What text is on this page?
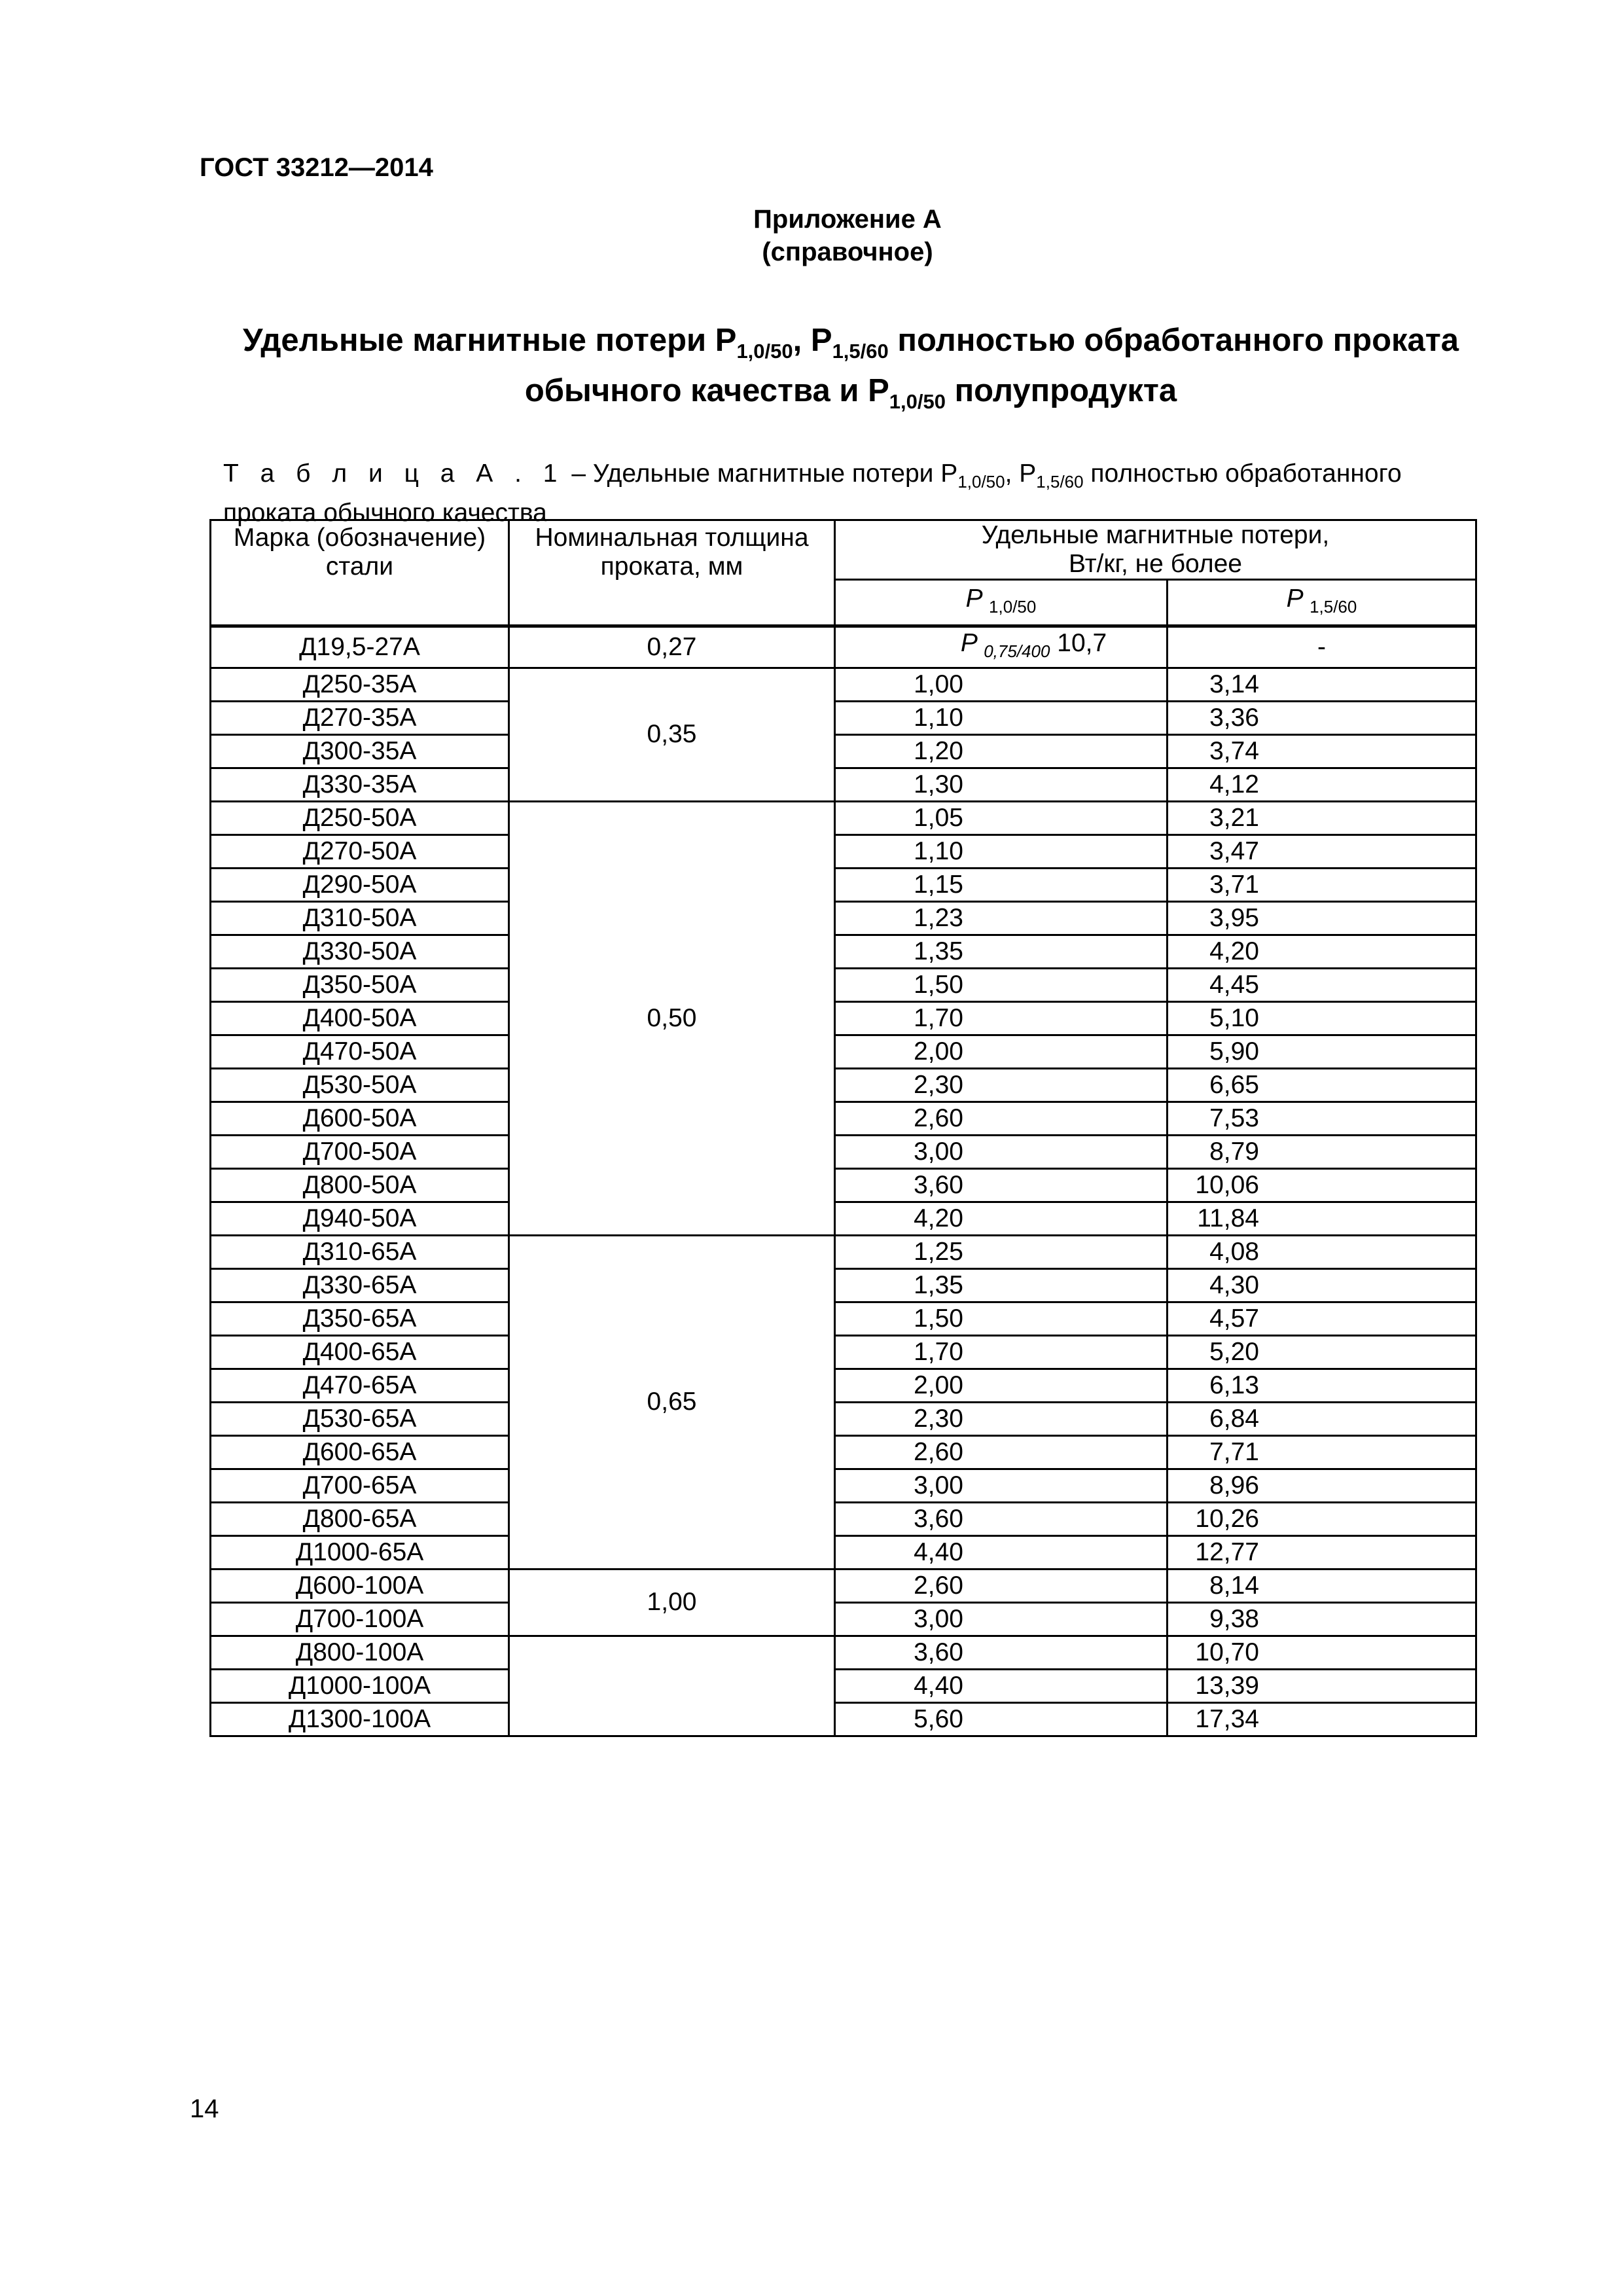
ГОСТ 33212—2014
Приложение А
(справочное)
Удельные магнитные потери $P_{1,0/50}$, $P_{1,5/60}$ полностью обработанного проката
обычного качества и $P_{1,0/50}$ полупродукта
Т а б л и ц а А . 1 – Удельные магнитные потери $P_{1,0/50}$, $P_{1,5/60}$ полностью обработанного проката обычного качества
Марка (обозначение) стали	Номинальная толщина проката, мм	Удельные магнитные потери, Вт/кг, не более	
		P $_{1,0/50}$	P $_{1,5/60}$
Д19,5-27А	0,27	P $_{0,75/400}$ 10,7	-
Д250-35А	0,35	1,00	3,14
Д270-35А		1,10	3,36
Д300-35А		1,20	3,74
Д330-35А		1,30	4,12
Д250-50А	0,50	1,05	3,21
Д270-50А		1,10	3,47
Д290-50А		1,15	3,71
Д310-50А		1,23	3,95
Д330-50А		1,35	4,20
Д350-50А		1,50	4,45
Д400-50А		1,70	5,10
Д470-50А		2,00	5,90
Д530-50А		2,30	6,65
Д600-50А		2,60	7,53
Д700-50А		3,00	8,79
Д800-50А		3,60	10,06
Д940-50А		4,20	11,84
Д310-65А	0,65	1,25	4,08
Д330-65А		1,35	4,30
Д350-65А		1,50	4,57
Д400-65А		1,70	5,20
Д470-65А		2,00	6,13
Д530-65А		2,30	6,84
Д600-65А		2,60	7,71
Д700-65А		3,00	8,96
Д800-65А		3,60	10,26
Д1000-65А		4,40	12,77
Д600-100А	1,00	2,60	8,14
Д700-100А		3,00	9,38
Д800-100А		3,60	10,70
Д1000-100А		4,40	13,39
Д1300-100А		5,60	17,34
14
